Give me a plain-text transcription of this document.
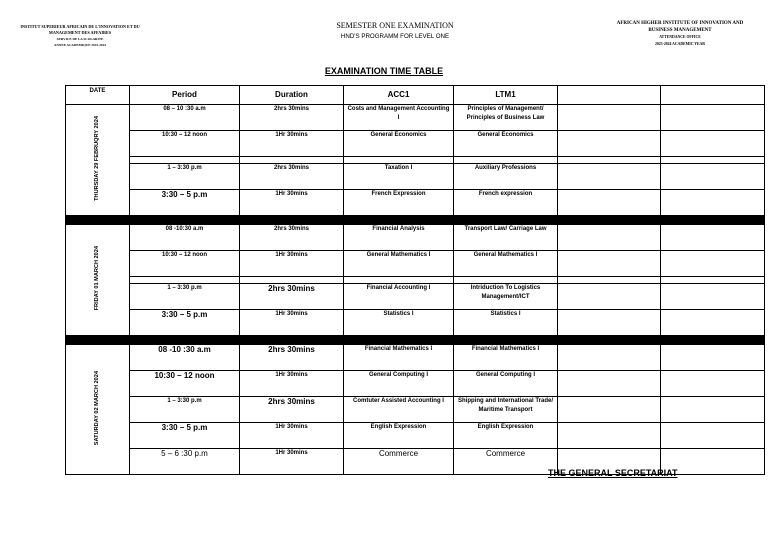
INSTITUT SUPERIEUR AFRICAIN DE L'INNOVATION ET DU
MANAGEMENT DES AFFAIRES
SERVICE DE LA SCOLARITE
ANNEE ACADEMIQUE 2023-2024
SEMESTER ONE EXAMINATION
HND'S PROGRAMM FOR LEVEL ONE
AFRICAN HIGHER INSTITUTE OF INNOVATION AND
BUSINESS MANAGEMENT
ATTENDANCE OFFICE
2023-2024 ACADEMIC YEAR
EXAMINATION TIME TABLE
DATE	Period	Duration	ACC1	LTM1		
THURSDAY 29 FEBRUQRY 2024	08 – 10 :30 a.m	2hrs 30mins	Costs and Management Accounting I	Principles of Management/ Principles of Business Law		
	10:30 – 12 noon	1Hr 30mins	General Economics	General Economics		

	1 – 3:30 p.m	2hrs 30mins	Taxation I	Auxiliary Professions		
	3:30 – 5 p.m	1Hr 30mins	French Expression	French expression		

FRIDAY 01 MARCH 2024	08 -10:30 a.m	2hrs 30mins	Financial Analysis	Transport Law/ Carriage Law		
	10:30 – 12 noon	1Hr 30mins	General Mathematics I	General Mathematics I		

	1 – 3:30 p.m	2hrs 30mins	Financial Accounting I	Intriduction To Logistics Management/ICT		
	3:30 – 5 p.m	1Hr 30mins	Statistics I	Statistics I		

SATURDAY 02 MARCH 2024	08 -10 :30 a.m	2hrs 30mins	Financial Mathematics I	Financial Mathematics I		
	10:30 – 12 noon	1Hr 30mins	General Computing I	General Computing I		
	1 – 3:30 p.m	2hrs 30mins	Comtuter Assisted Accounting I	Shipping and International Trade/ Maritime Transport		
	3:30 – 5 p.m	1Hr 30mins	English Expression	English Expression		
	5 – 6 :30 p.m	1Hr 30mins	Commerce	Commerce		
THE GENERAL SECRETARIAT
